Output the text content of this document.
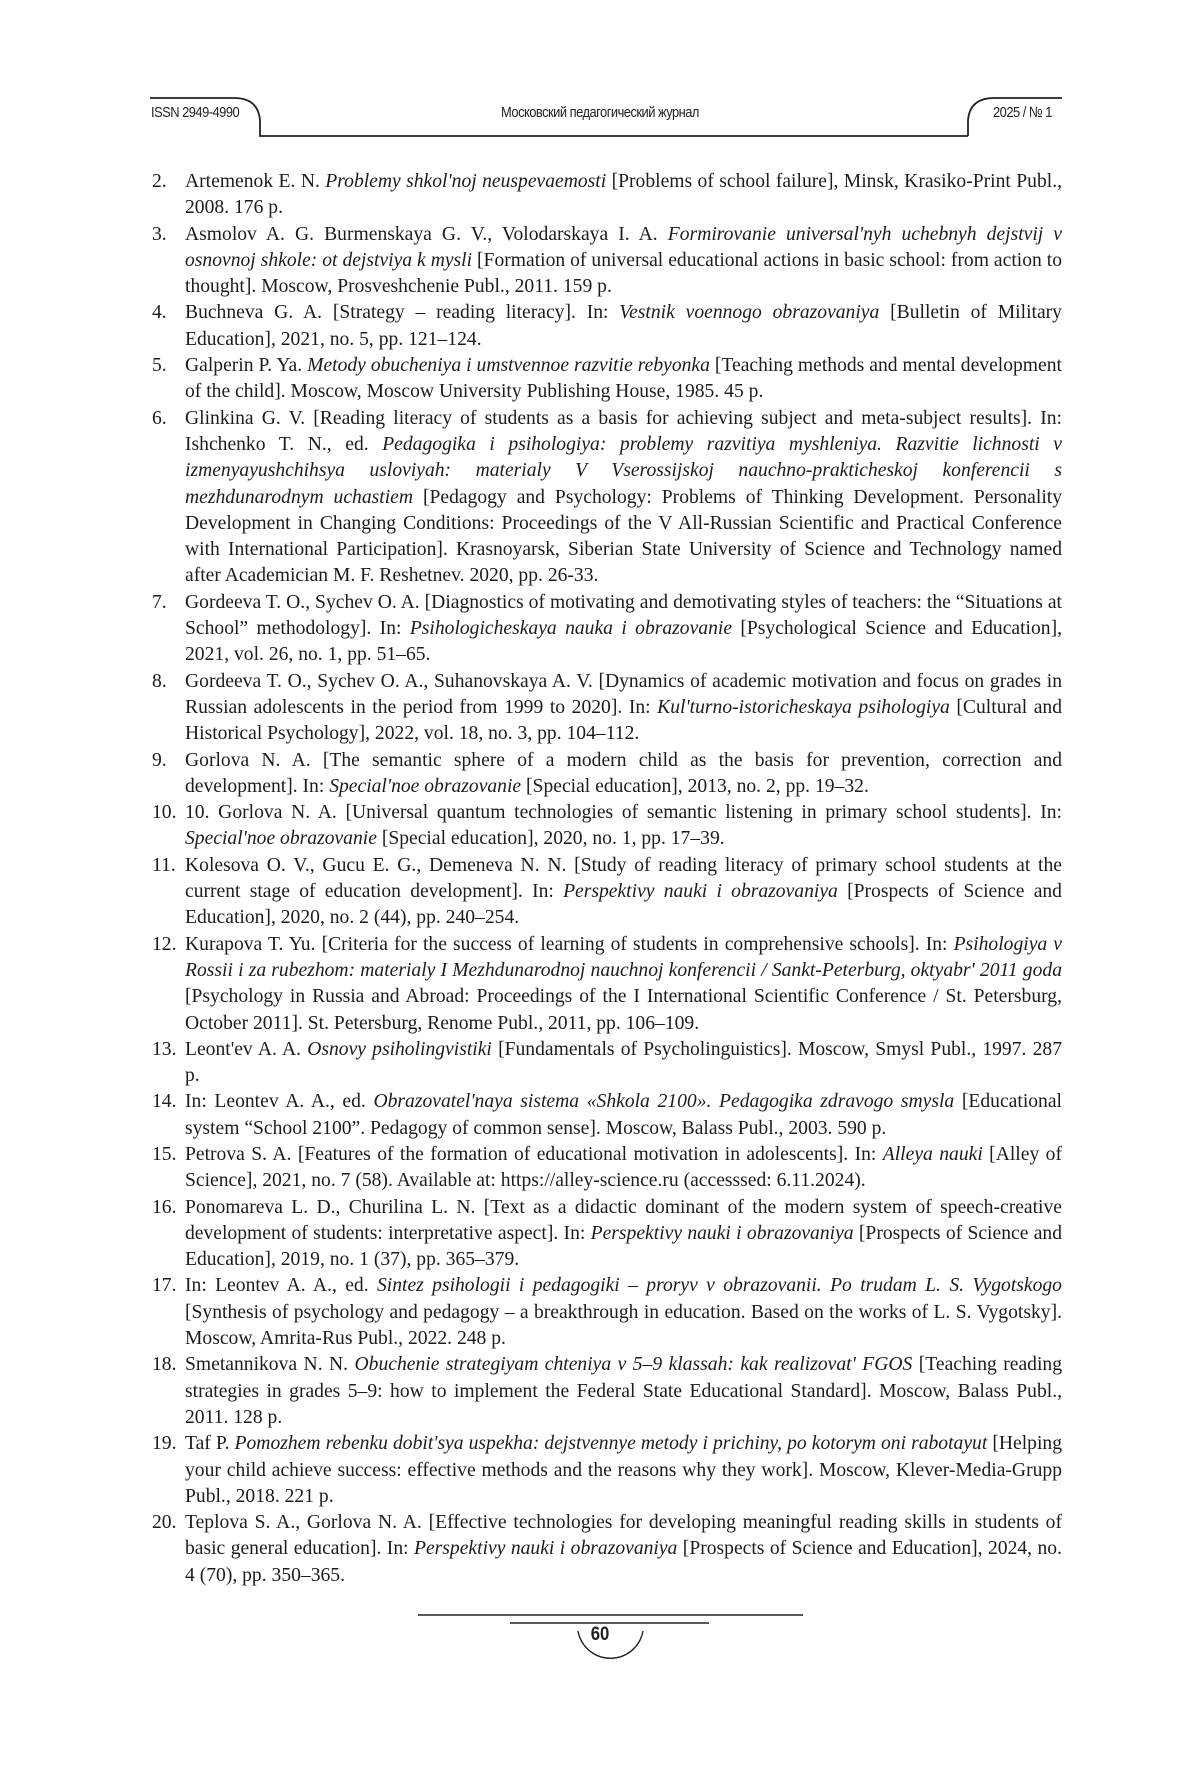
ISSN 2949-4990	Московский педагогический журнал	2025 / № 1
2. Artemenok E. N. Problemy shkol'noj neuspevaemosti [Problems of school failure], Minsk, Krasiko-Print Publ., 2008. 176 p.
3. Asmolov A. G. Burmenskaya G. V., Volodarskaya I. A. Formirovanie universal'nyh uchebnyh dejstvij v osnovnoj shkole: ot dejstviya k mysli [Formation of universal educational actions in basic school: from action to thought]. Moscow, Prosveshchenie Publ., 2011. 159 p.
4. Buchneva G. A. [Strategy – reading literacy]. In: Vestnik voennogo obrazovaniya [Bulletin of Military Education], 2021, no. 5, pp. 121–124.
5. Galperin P. Ya. Metody obucheniya i umstvennoe razvitie rebyonka [Teaching methods and mental development of the child]. Moscow, Moscow University Publishing House, 1985. 45 p.
6. Glinkina G. V. [Reading literacy of students as a basis for achieving subject and meta-subject results]. In: Ishchenko T. N., ed. Pedagogika i psihologiya: problemy razvitiya myshleniya. Razvitie lichnosti v izmenyayushchihsya usloviyah: materialy V Vserossijskoj nauchno-prakticheskoj konferencii s mezhdunarodnym uchastiem [Pedagogy and Psychology: Problems of Thinking Development. Personality Development in Changing Conditions: Proceedings of the V All-Russian Scientific and Practical Conference with International Participation]. Krasnoyarsk, Siberian State University of Science and Technology named after Academician M. F. Reshetnev. 2020, pp. 26-33.
7. Gordeeva T. O., Sychev O. A. [Diagnostics of motivating and demotivating styles of teachers: the “Situations at School” methodology]. In: Psihologicheskaya nauka i obrazovanie [Psychological Science and Education], 2021, vol. 26, no. 1, pp. 51–65.
8. Gordeeva T. O., Sychev O. A., Suhanovskaya A. V. [Dynamics of academic motivation and focus on grades in Russian adolescents in the period from 1999 to 2020]. In: Kul'turno-istoricheskaya psihologiya [Cultural and Historical Psychology], 2022, vol. 18, no. 3, pp. 104–112.
9. Gorlova N. A. [The semantic sphere of a modern child as the basis for prevention, correction and development]. In: Special'noe obrazovanie [Special education], 2013, no. 2, pp. 19–32.
10. 10. Gorlova N. A. [Universal quantum technologies of semantic listening in primary school students]. In: Special'noe obrazovanie [Special education], 2020, no. 1, pp. 17–39.
11. Kolesova O. V., Gucu E. G., Demeneva N. N. [Study of reading literacy of primary school students at the current stage of education development]. In: Perspektivy nauki i obrazovaniya [Prospects of Science and Education], 2020, no. 2 (44), pp. 240–254.
12. Kurapova T. Yu. [Criteria for the success of learning of students in comprehensive schools]. In: Psihologiya v Rossii i za rubezhom: materialy I Mezhdunarodnoj nauchnoj konferencii / Sankt-Peterburg, oktyabr' 2011 goda [Psychology in Russia and Abroad: Proceedings of the I International Scientific Conference / St. Petersburg, October 2011]. St. Petersburg, Renome Publ., 2011, pp. 106–109.
13. Leont'ev A. A. Osnovy psiholingvistiki [Fundamentals of Psycholinguistics]. Moscow, Smysl Publ., 1997. 287 p.
14. In: Leontev A. A., ed. Obrazovatel'naya sistema «Shkola 2100». Pedagogika zdravogo smysla [Educational system “School 2100”. Pedagogy of common sense]. Moscow, Balass Publ., 2003. 590 p.
15. Petrova S. A. [Features of the formation of educational motivation in adolescents]. In: Alleya nauki [Alley of Science], 2021, no. 7 (58). Available at: https://alley-science.ru (accesssed: 6.11.2024).
16. Ponomareva L. D., Churilina L. N. [Text as a didactic dominant of the modern system of speech-creative development of students: interpretative aspect]. In: Perspektivy nauki i obrazovaniya [Prospects of Science and Education], 2019, no. 1 (37), pp. 365–379.
17. In: Leontev A. A., ed. Sintez psihologii i pedagogiki – proryv v obrazovanii. Po trudam L. S. Vygotskogo [Synthesis of psychology and pedagogy – a breakthrough in education. Based on the works of L. S. Vygotsky]. Moscow, Amrita-Rus Publ., 2022. 248 p.
18. Smetannikova N. N. Obuchenie strategiyam chteniya v 5–9 klassah: kak realizovat' FGOS [Teaching reading strategies in grades 5–9: how to implement the Federal State Educational Standard]. Moscow, Balass Publ., 2011. 128 p.
19. Taf P. Pomozhem rebenku dobit'sya uspekha: dejstvennye metody i prichiny, po kotorym oni rabotayut [Helping your child achieve success: effective methods and the reasons why they work]. Moscow, Klever-Media-Grupp Publ., 2018. 221 p.
20. Teplova S. A., Gorlova N. A. [Effective technologies for developing meaningful reading skills in students of basic general education]. In: Perspektivy nauki i obrazovaniya [Prospects of Science and Education], 2024, no. 4 (70), pp. 350–365.
60
